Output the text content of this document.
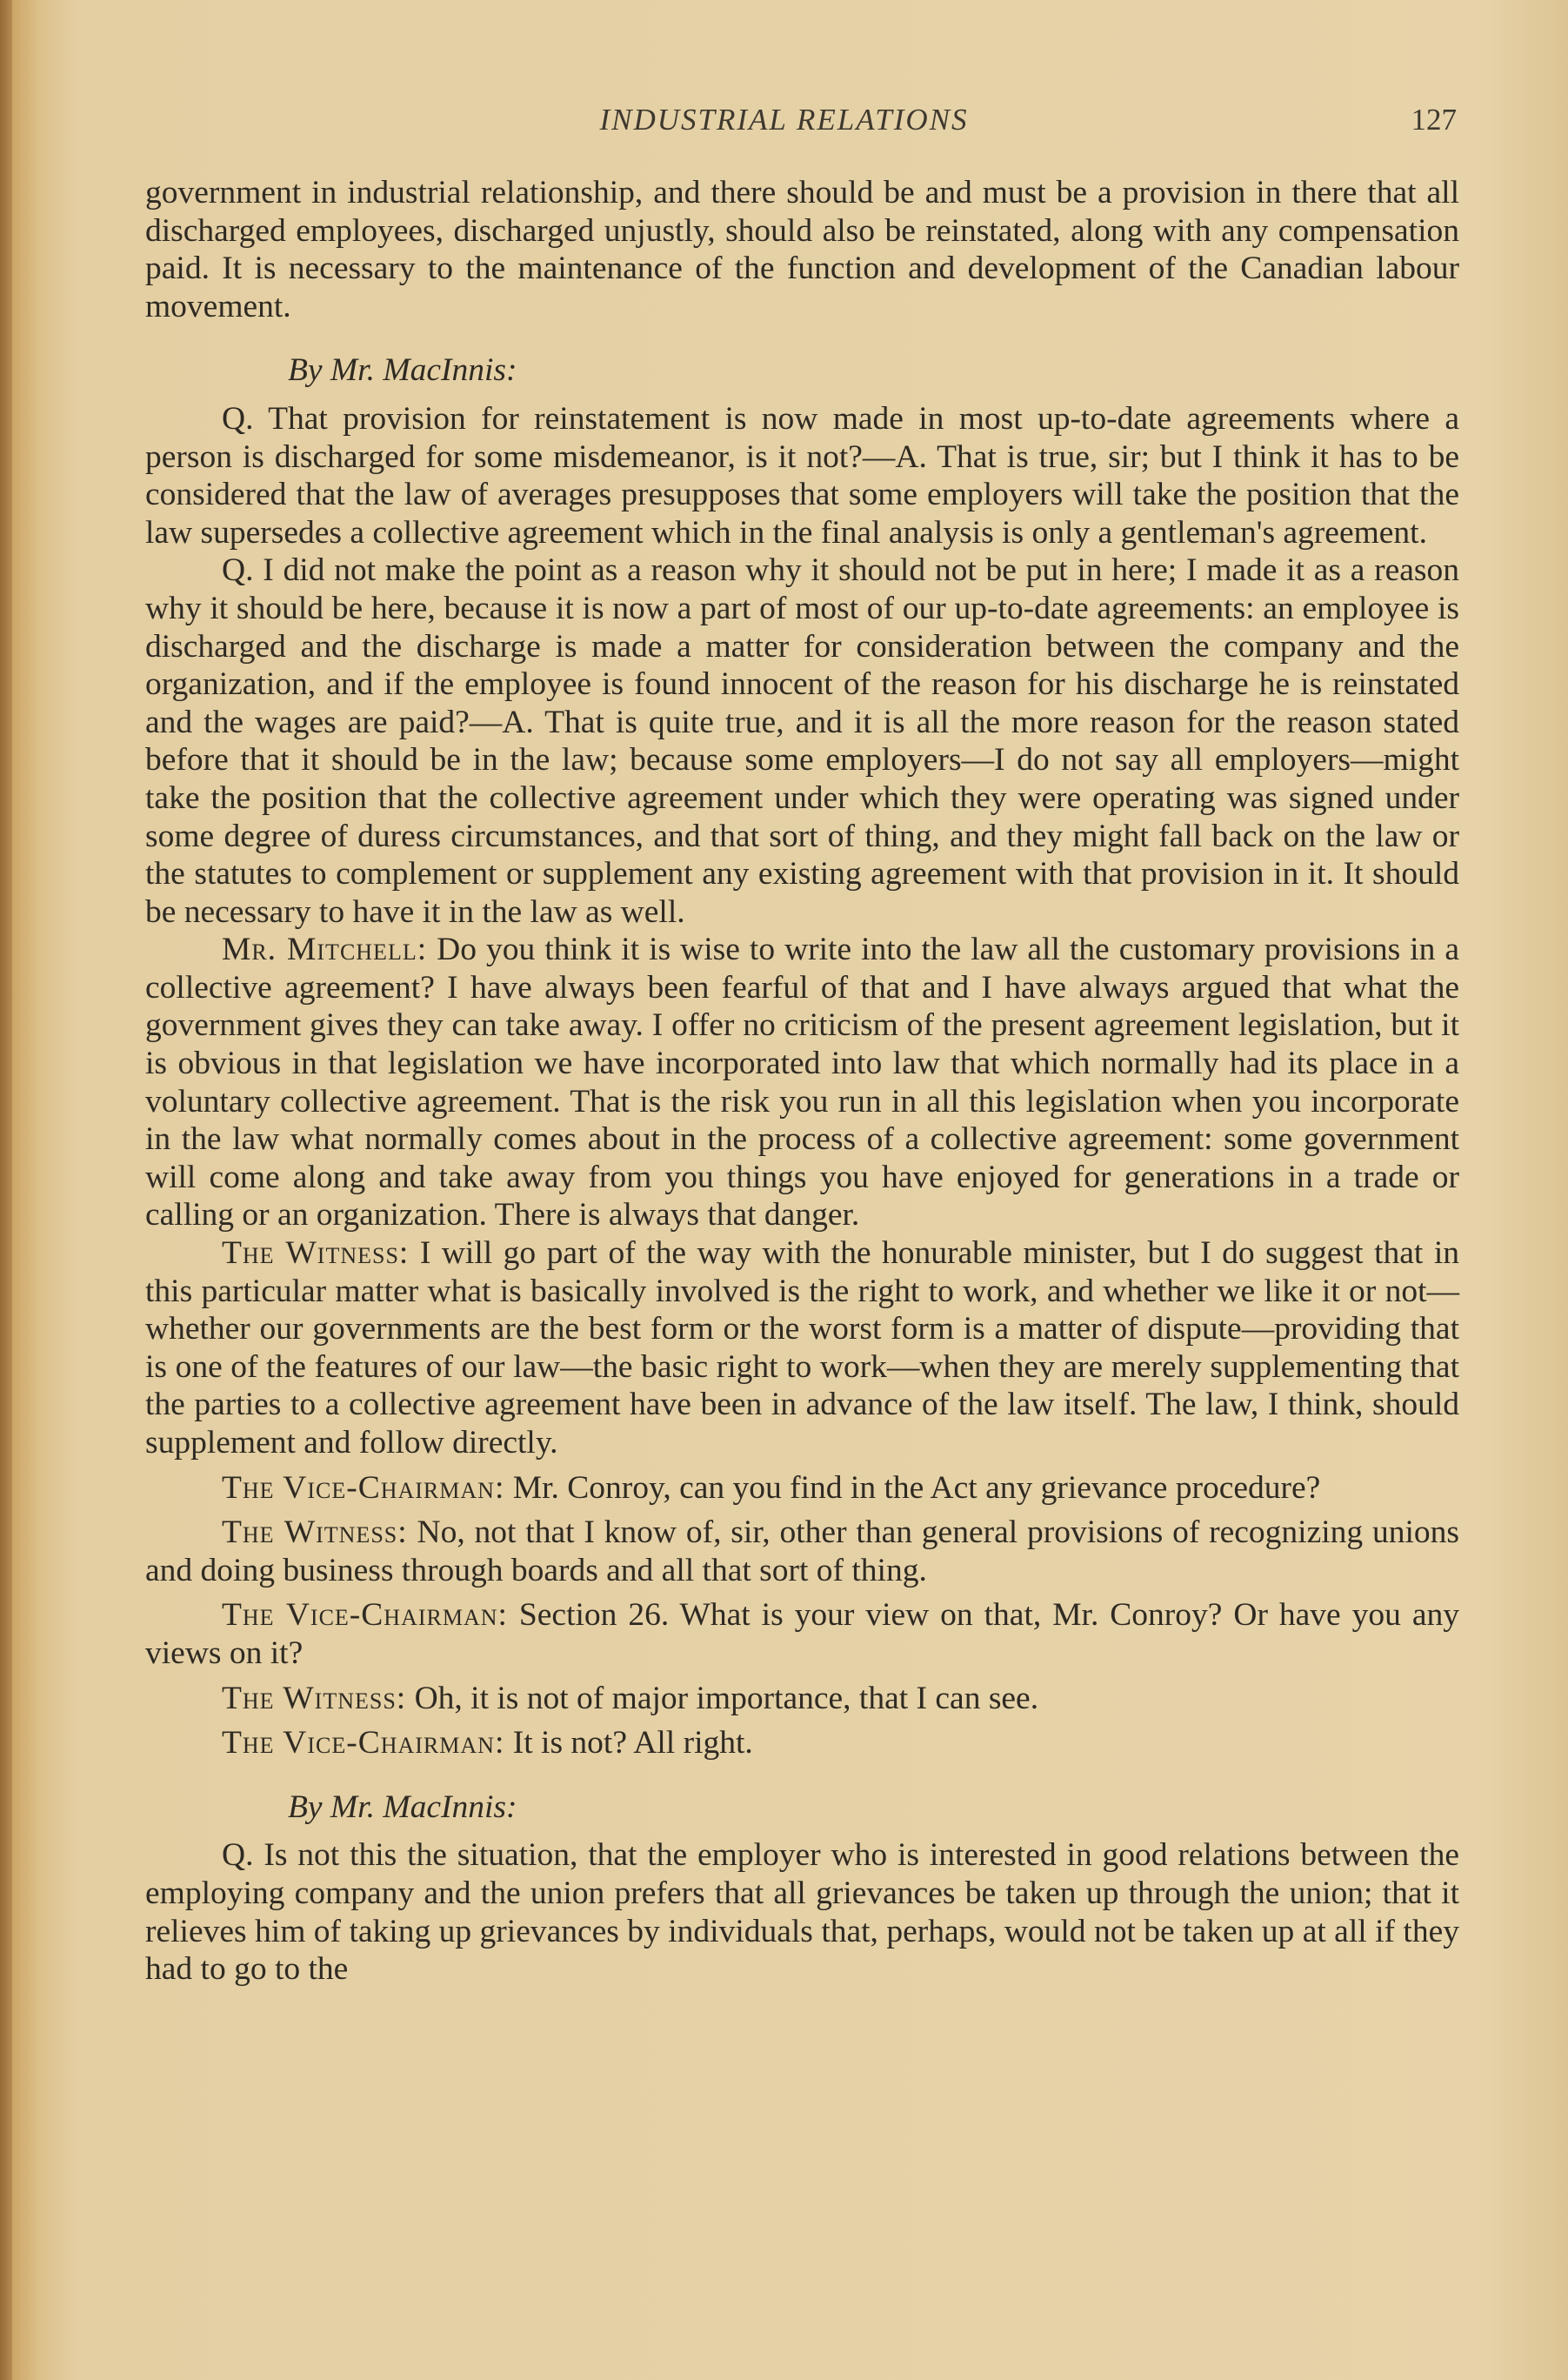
INDUSTRIAL RELATIONS	127

government in industrial relationship, and there should be and must be a provision in there that all discharged employees, discharged unjustly, should also be reinstated, along with any compensation paid. It is necessary to the maintenance of the function and development of the Canadian labour movement.

By Mr. MacInnis:

Q. That provision for reinstatement is now made in most up-to-date agreements where a person is discharged for some misdemeanor, is it not?—A. That is true, sir; but I think it has to be considered that the law of averages presupposes that some employers will take the position that the law supersedes a collective agreement which in the final analysis is only a gentleman's agreement.

Q. I did not make the point as a reason why it should not be put in here; I made it as a reason why it should be here, because it is now a part of most of our up-to-date agreements: an employee is discharged and the discharge is made a matter for consideration between the company and the organization, and if the employee is found innocent of the reason for his discharge he is reinstated and the wages are paid?—A. That is quite true, and it is all the more reason for the reason stated before that it should be in the law; because some employers—I do not say all employers—might take the position that the collective agreement under which they were operating was signed under some degree of duress circumstances, and that sort of thing, and they might fall back on the law or the statutes to complement or supplement any existing agreement with that provision in it. It should be necessary to have it in the law as well.

Mr. Mitchell: Do you think it is wise to write into the law all the customary provisions in a collective agreement? I have always been fearful of that and I have always argued that what the government gives they can take away. I offer no criticism of the present agreement legislation, but it is obvious in that legislation we have incorporated into law that which normally had its place in a voluntary collective agreement. That is the risk you run in all this legislation when you incorporate in the law what normally comes about in the process of a collective agreement: some government will come along and take away from you things you have enjoyed for generations in a trade or calling or an organization. There is always that danger.

The Witness: I will go part of the way with the honurable minister, but I do suggest that in this particular matter what is basically involved is the right to work, and whether we like it or not—whether our governments are the best form or the worst form is a matter of dispute—providing that is one of the features of our law—the basic right to work—when they are merely supplementing that the parties to a collective agreement have been in advance of the law itself. The law, I think, should supplement and follow directly.

The Vice-Chairman: Mr. Conroy, can you find in the Act any grievance procedure?

The Witness: No, not that I know of, sir, other than general provisions of recognizing unions and doing business through boards and all that sort of thing.

The Vice-Chairman: Section 26. What is your view on that, Mr. Conroy? Or have you any views on it?

The Witness: Oh, it is not of major importance, that I can see.

The Vice-Chairman: It is not? All right.

By Mr. MacInnis:

Q. Is not this the situation, that the employer who is interested in good relations between the employing company and the union prefers that all grievances be taken up through the union; that it relieves him of taking up grievances by individuals that, perhaps, would not be taken up at all if they had to go to the
